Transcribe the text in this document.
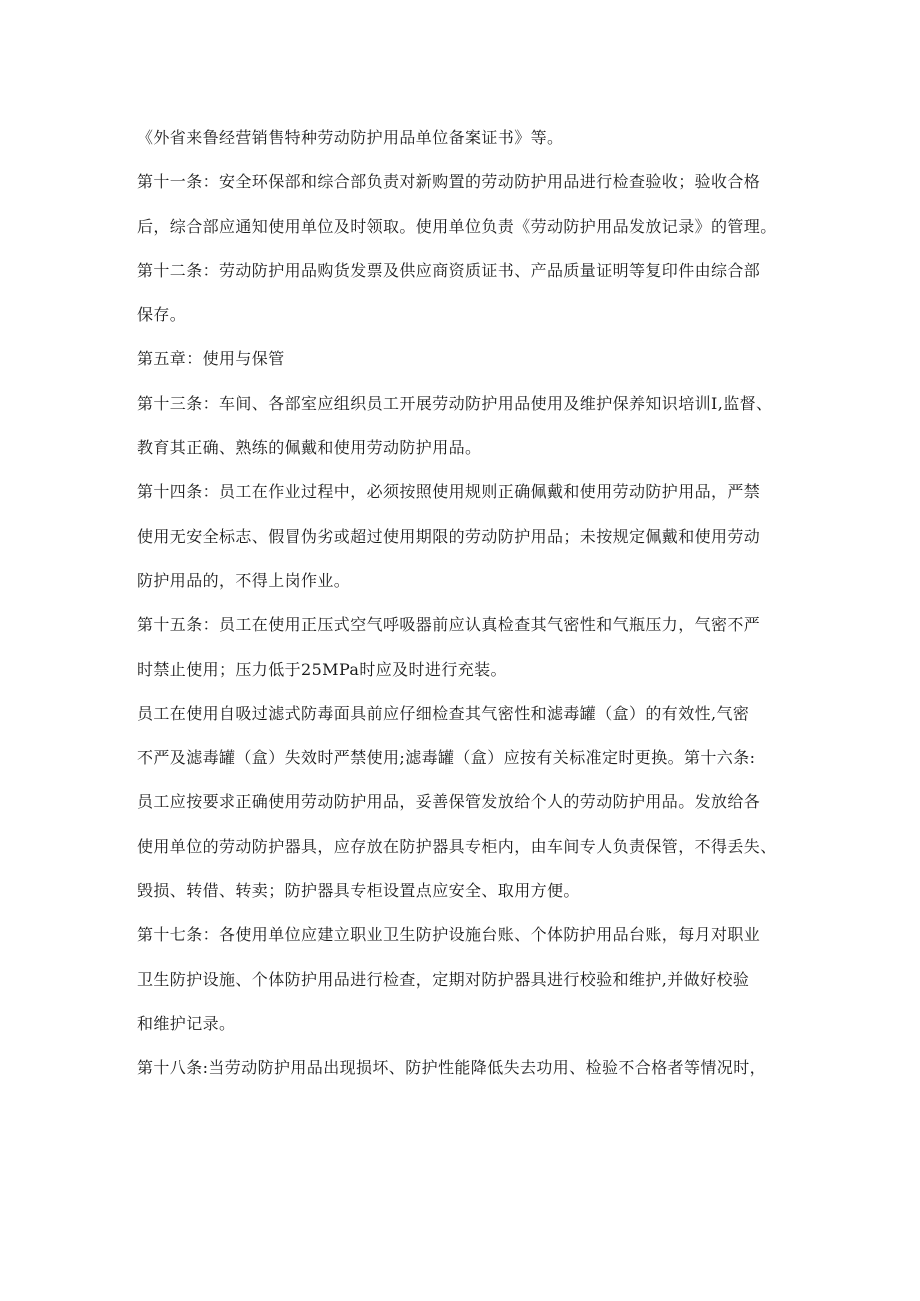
《外省来鲁经营销售特种劳动防护用品单位备案证书》等。
第十一条：安全环保部和综合部负责对新购置的劳动防护用品进行检查验收；验收合格
后，综合部应通知使用单位及时领取。使用单位负责《劳动防护用品发放记录》的管理。
第十二条：劳动防护用品购货发票及供应商资质证书、产品质量证明等复印件由综合部
保存。
第五章：使用与保管
第十三条：车间、各部室应组织员工开展劳动防护用品使用及维护保养知识培训I,监督、
教育其正确、熟练的佩戴和使用劳动防护用品。
第十四条：员工在作业过程中，必须按照使用规则正确佩戴和使用劳动防护用品，严禁
使用无安全标志、假冒伪劣或超过使用期限的劳动防护用品；未按规定佩戴和使用劳动
防护用品的，不得上岗作业。
第十五条：员工在使用正压式空气呼吸器前应认真检查其气密性和气瓶压力，气密不严
时禁止使用；压力低于25MPa时应及时进行充装。
员工在使用自吸过滤式防毒面具前应仔细检查其气密性和滤毒罐（盒）的有效性,气密
不严及滤毒罐（盒）失效时严禁使用;滤毒罐（盒）应按有关标准定时更换。第十六条:
员工应按要求正确使用劳动防护用品，妥善保管发放给个人的劳动防护用品。发放给各
使用单位的劳动防护器具，应存放在防护器具专柜内，由车间专人负责保管，不得丢失、
毁损、转借、转卖；防护器具专柜设置点应安全、取用方便。
第十七条：各使用单位应建立职业卫生防护设施台账、个体防护用品台账，每月对职业
卫生防护设施、个体防护用品进行检查，定期对防护器具进行校验和维护,并做好校验
和维护记录。
第十八条:当劳动防护用品出现损坏、防护性能降低失去功用、检验不合格者等情况时，
